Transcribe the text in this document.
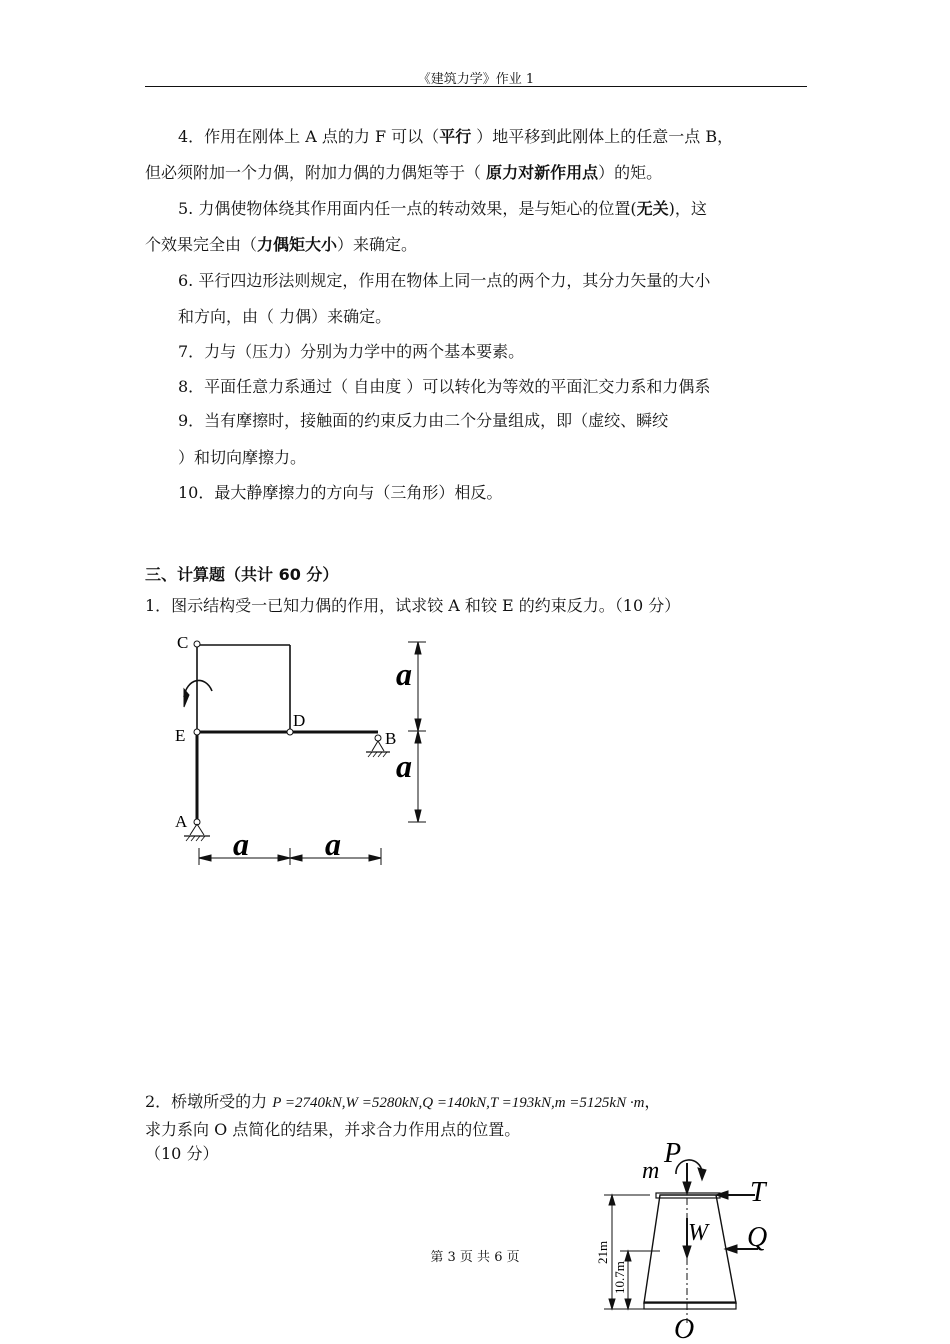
《建筑力学》作业 1
4．作用在刚体上 A 点的力 F 可以（平行 ）地平移到此刚体上的任意一点 B，
但必须附加一个力偶，附加力偶的力偶矩等于（ 原力对新作用点）的矩。
5. 力偶使物体绕其作用面内任一点的转动效果，是与矩心的位置(无关)，这
个效果完全由（力偶矩大小）来确定。
6. 平行四边形法则规定，作用在物体上同一点的两个力，其分力矢量的大小
和方向，由（ 力偶）来确定。
7．力与（压力）分别为力学中的两个基本要素。
8．平面任意力系通过（ 自由度 ）可以转化为等效的平面汇交力系和力偶系
9．当有摩擦时，接触面的约束反力由二个分量组成，即（虚绞、瞬绞
）和切向摩擦力。
10．最大静摩擦力的方向与（三角形）相反。
三、计算题（共计 60 分）
1．图示结构受一已知力偶的作用，试求铰 A 和铰 E 的约束反力。（10 分）
C
D
E	B
A
a
a
a a
2．桥墩所受的力 P =2740kN,W =5280kN,Q =140kN,T =193kN,m =5125kN ·m，
求力系向 O 点简化的结果，并求合力作用点的位置。
（10 分）	P
m
T
W Q
O
21m
10.7m
第 3 页 共 6 页
